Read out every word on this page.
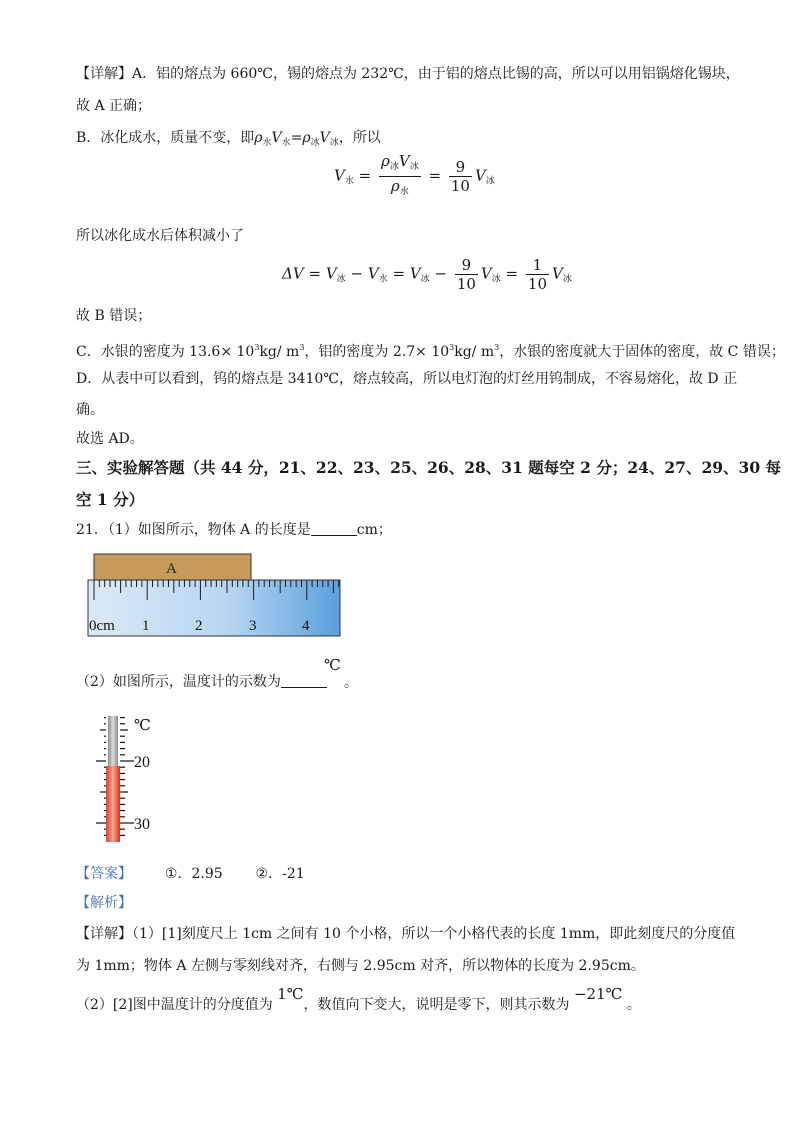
【详解】A．铝的熔点为 660℃，锡的熔点为 232℃，由于铝的熔点比锡的高，所以可以用铝锅熔化锡块，
故 A 正确；
B．冰化成水，质量不变，即$\rho_水V_水=\rho_冰V_冰$，所以
$V_水 = \frac{\rho_冰V_冰}{\rho_水} = \frac{9}{10} V_冰$
所以冰化成水后体积减小了
$\Delta V = V_冰 - V_水 = V_冰 - \frac{9}{10} V_冰 = \frac{1}{10} V_冰$
故 B 错误；
C．水银的密度为 $13.6\times 10^3kg/$ $m^3$，铝的密度为 $2.7\times 10^3kg/$ $m^3$，水银的密度就大于固体的密度，故 C 错误；
D．从表中可以看到，钨的熔点是 3410℃，熔点较高，所以电灯泡的灯丝用钨制成，不容易熔化，故 D 正
确。
故选 AD。
三、实验解答题（共 44 分，21、22、23、25、26、28、31 题每空 2 分；24、27、29、30 每
空 1 分）
21．（1）如图所示，物体 A 的长度是	cm；
A
0cm 1	2	3	4
（2）如图所示，温度计的示数为
℃
。
℃
20
30
【答案】 ①．2.95 ②．-21
【解析】
【详解】（1）[1]刻度尺上 1cm 之间有 10 个小格，所以一个小格代表的长度 1mm，即此刻度尺的分度值
为 1mm；物体 A 左侧与零刻线对齐，右侧与 2.95cm 对齐，所以物体的长度为 2.95cm。
（2）[2]图中温度计的分度值为 1℃，数值向下变大，说明是零下，则其示数为 −21℃ 。
